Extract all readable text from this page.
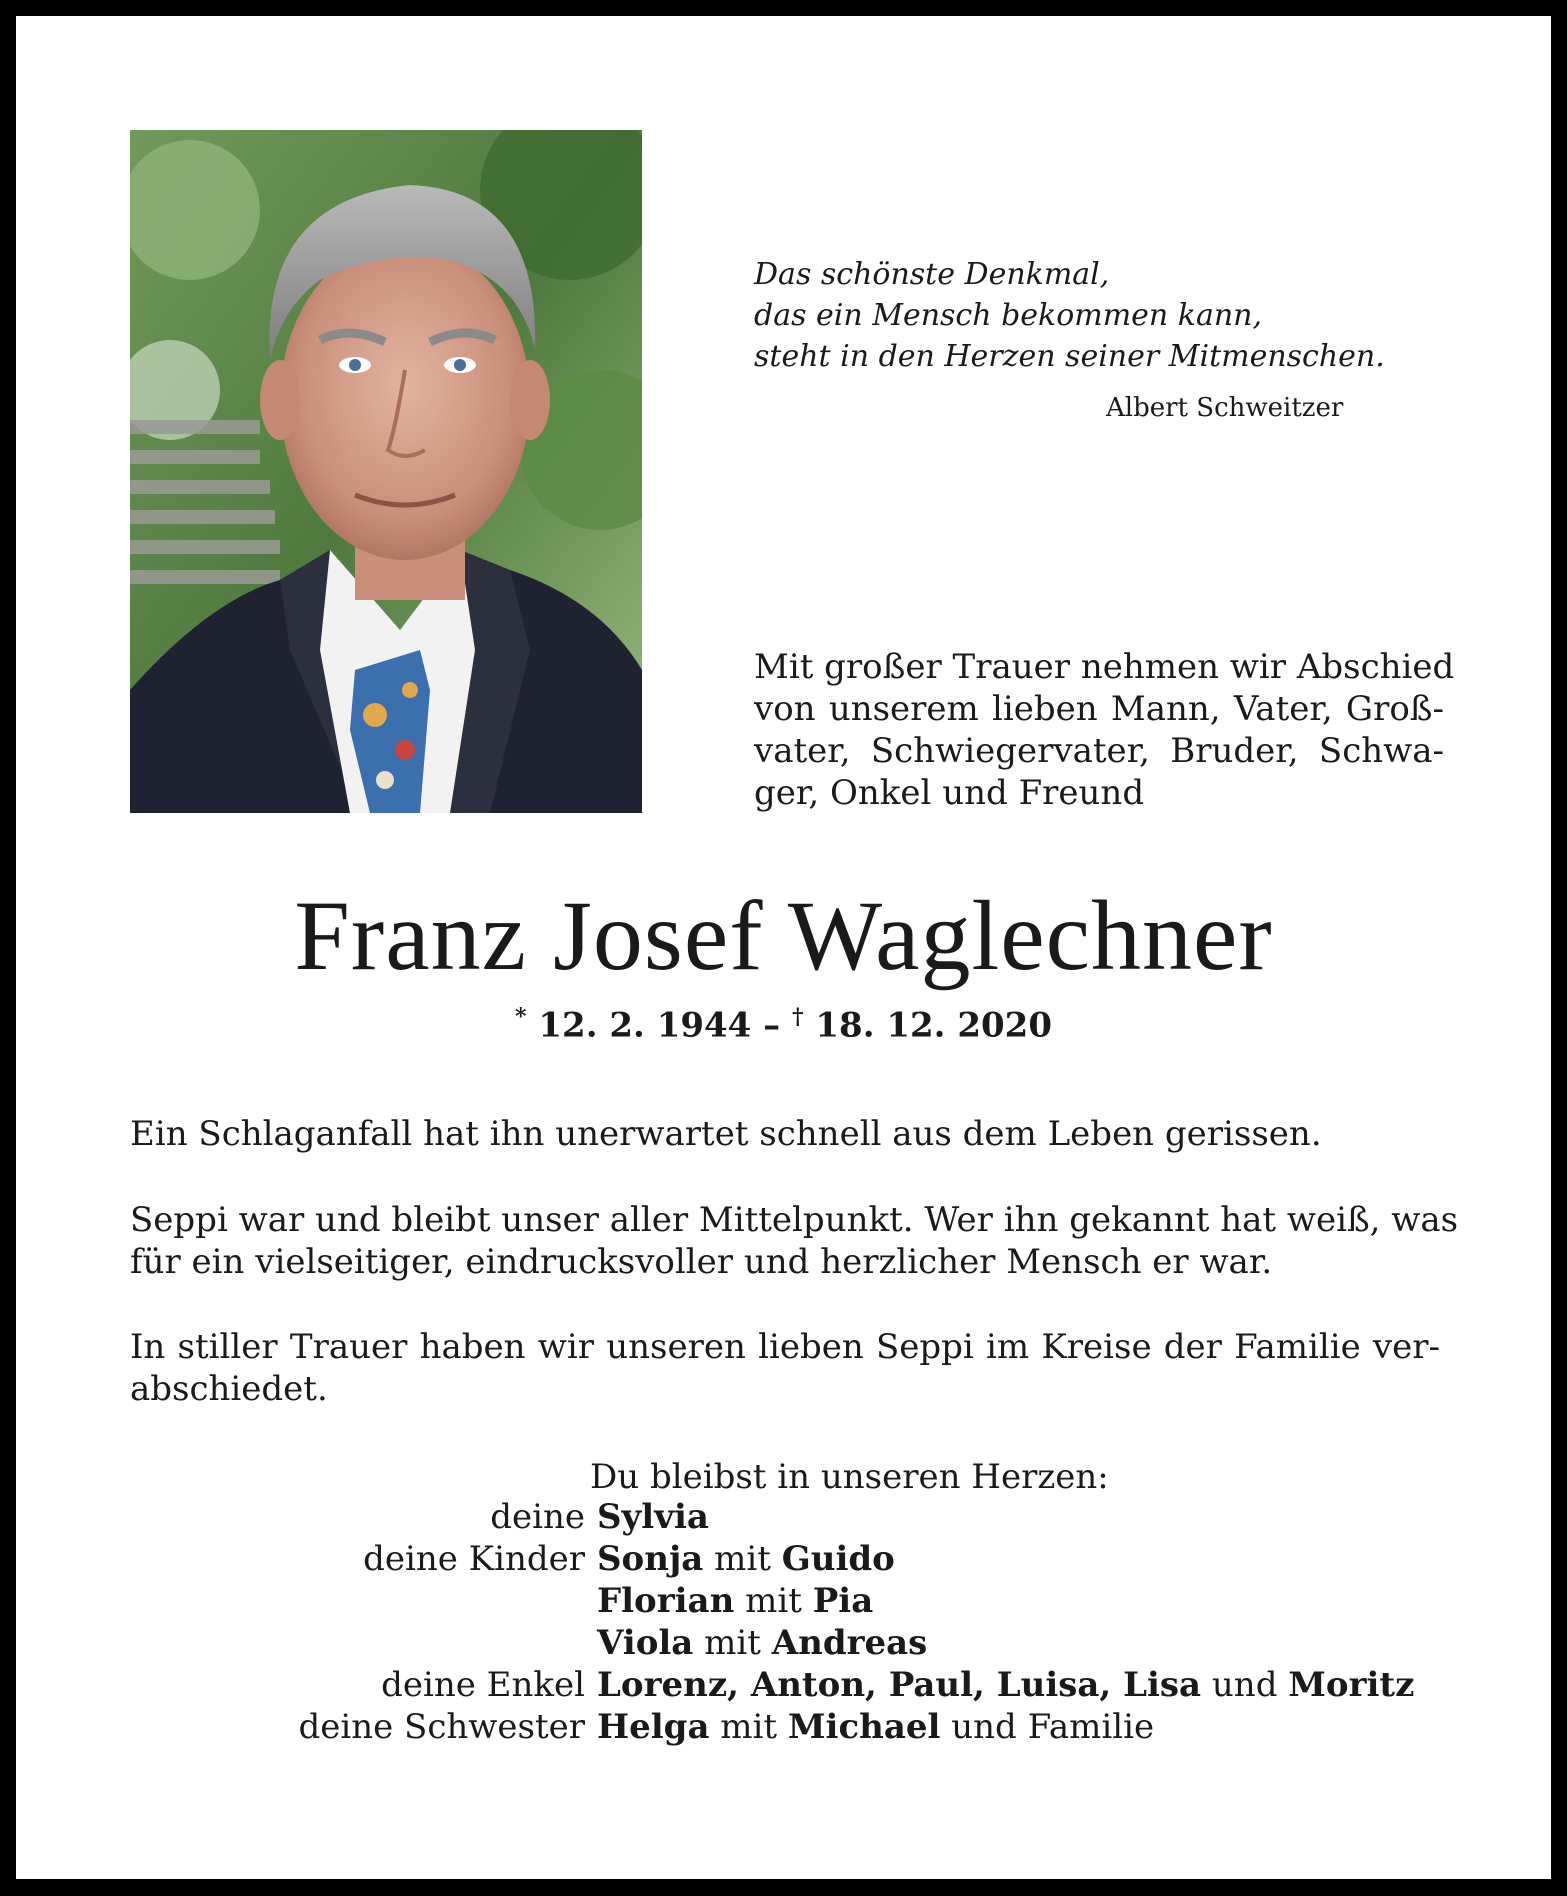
Das schönste Denkmal,
das ein Mensch bekommen kann,
steht in den Herzen seiner Mitmenschen.
Albert Schweitzer
Mit großer Trauer nehmen wir Abschied
von unserem lieben Mann, Vater, Groß-
vater, Schwiegervater, Bruder, Schwa-
ger, Onkel und Freund
Franz Josef Waglechner
* 12. 2. 1944 – † 18. 12. 2020
Ein Schlaganfall hat ihn unerwartet schnell aus dem Leben gerissen.
Seppi war und bleibt unser aller Mittelpunkt. Wer ihn gekannt hat weiß, was
für ein vielseitiger, eindrucksvoller und herzlicher Mensch er war.
In stiller Trauer haben wir unseren lieben Seppi im Kreise der Familie ver-
abschiedet.
Du bleibst in unseren Herzen:
deine Sylvia
deine Kinder Sonja mit Guido
Florian mit Pia
Viola mit Andreas
deine Enkel Lorenz, Anton, Paul, Luisa, Lisa und Moritz
deine Schwester Helga mit Michael und Familie
